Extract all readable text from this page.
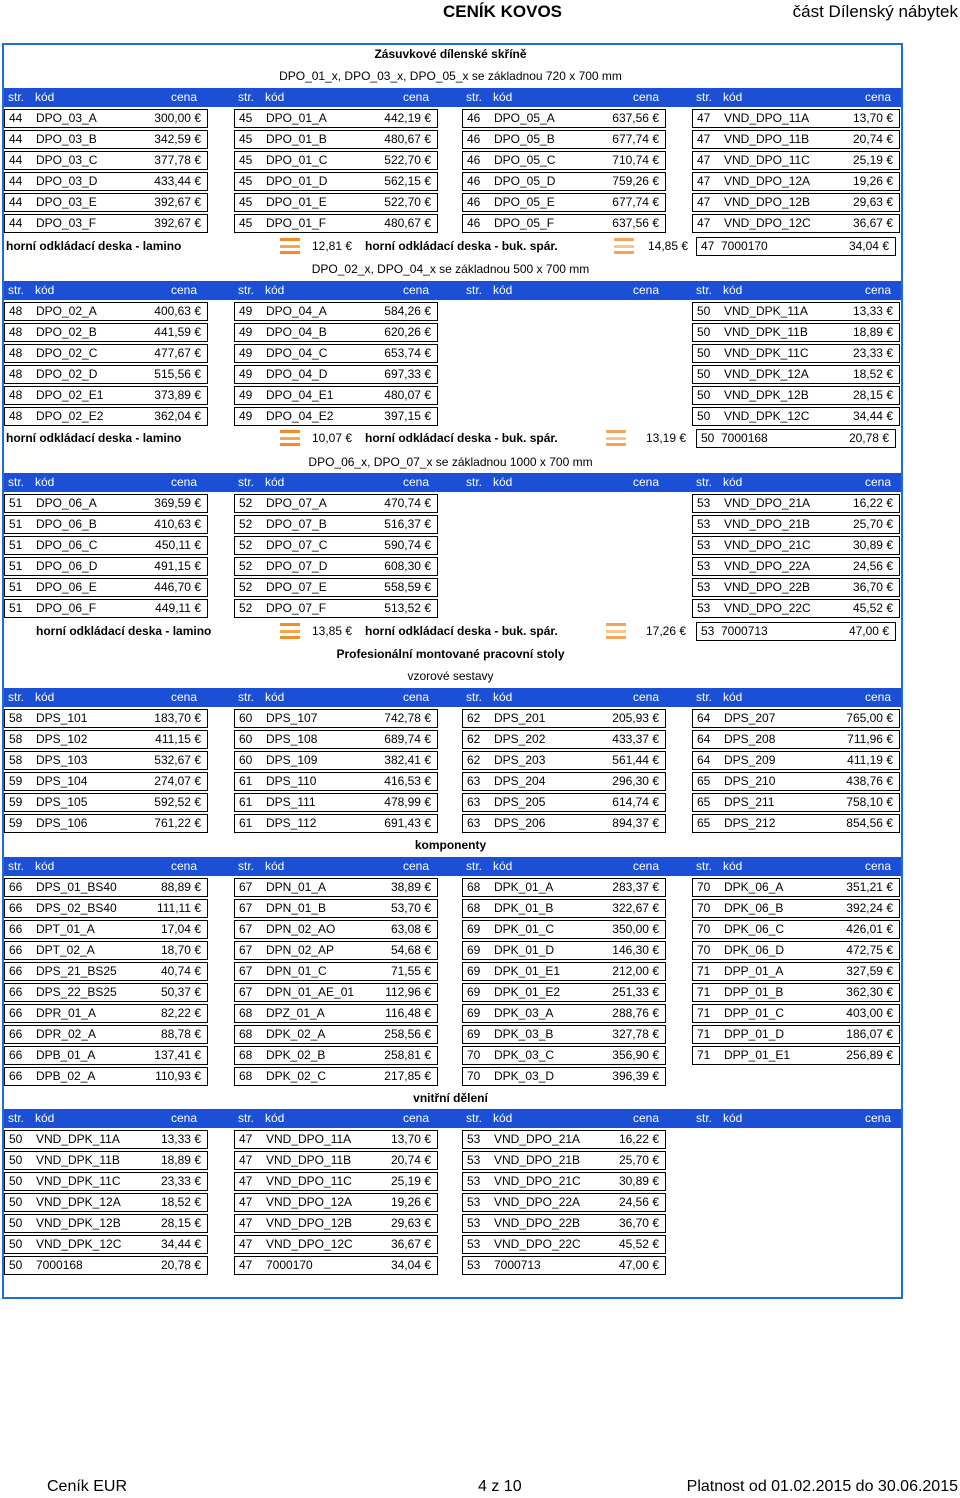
CENÍK KOVOS	část Dílenský nábytek
Zásuvkové dílenské skříně
DPO_01_x, DPO_03_x, DPO_05_x se základnou 720 x 700 mm
str. kód	cena	str. kód	cena	str. kód	cena	str. kód	cena
44 DPO_03_A	300,00 €	45 DPO_01_A	442,19 €	46 DPO_05_A	637,56 €	47 VND_DPO_11A	13,70 €
44 DPO_03_B	342,59 €	45 DPO_01_B	480,67 €	46 DPO_05_B	677,74 €	47 VND_DPO_11B	20,74 €
44 DPO_03_C	377,78 €	45 DPO_01_C	522,70 €	46 DPO_05_C	710,74 €	47 VND_DPO_11C	25,19 €
44 DPO_03_D	433,44 €	45 DPO_01_D	562,15 €	46 DPO_05_D	759,26 €	47 VND_DPO_12A	19,26 €
44 DPO_03_E	392,67 €	45 DPO_01_E	522,70 €	46 DPO_05_E	677,74 €	47 VND_DPO_12B	29,63 €
44 DPO_03_F	392,67 €	45 DPO_01_F	480,67 €	46 DPO_05_F	637,56 €	47 VND_DPO_12C	36,67 €
horní odkládací deska - lamino	12,81 € horní odkládací deska - buk. spár.	14,85 € 47 7000170	34,04 €
DPO_02_x, DPO_04_x se základnou 500 x 700 mm
str. kód	cena	str. kód	cena	str. kód	cena	str. kód	cena
48 DPO_02_A	400,63 €	49 DPO_04_A	584,26 €	50 VND_DPK_11A	13,33 €
48 DPO_02_B	441,59 €	49 DPO_04_B	620,26 €	50 VND_DPK_11B	18,89 €
48 DPO_02_C	477,67 €	49 DPO_04_C	653,74 €	50 VND_DPK_11C	23,33 €
48 DPO_02_D	515,56 €	49 DPO_04_D	697,33 €	50 VND_DPK_12A	18,52 €
48 DPO_02_E1	373,89 €	49 DPO_04_E1	480,07 €	50 VND_DPK_12B	28,15 €
48 DPO_02_E2	362,04 €	49 DPO_04_E2	397,15 €	50 VND_DPK_12C	34,44 €
horní odkládací deska - lamino	10,07 € horní odkládací deska - buk. spár.	13,19 € 50 7000168	20,78 €
DPO_06_x, DPO_07_x se základnou 1000 x 700 mm
str. kód	cena	str. kód	cena	str. kód	cena	str. kód	cena
51 DPO_06_A	369,59 €	52 DPO_07_A	470,74 €	53 VND_DPO_21A	16,22 €
51 DPO_06_B	410,63 €	52 DPO_07_B	516,37 €	53 VND_DPO_21B	25,70 €
51 DPO_06_C	450,11 €	52 DPO_07_C	590,74 €	53 VND_DPO_21C	30,89 €
51 DPO_06_D	491,15 €	52 DPO_07_D	608,30 €	53 VND_DPO_22A	24,56 €
51 DPO_06_E	446,70 €	52 DPO_07_E	558,59 €	53 VND_DPO_22B	36,70 €
51 DPO_06_F	449,11 €	52 DPO_07_F	513,52 €	53 VND_DPO_22C	45,52 €
horní odkládací deska - lamino	13,85 € horní odkládací deska - buk. spár.	17,26 € 53 7000713	47,00 €
Profesionální montované pracovní stoly
vzorové sestavy
str. kód	cena	str. kód	cena	str. kód	cena	str. kód	cena
58 DPS_101	183,70 €	60 DPS_107	742,78 €	62 DPS_201	205,93 €	64 DPS_207	765,00 €
58 DPS_102	411,15 €	60 DPS_108	689,74 €	62 DPS_202	433,37 €	64 DPS_208	711,96 €
58 DPS_103	532,67 €	60 DPS_109	382,41 €	62 DPS_203	561,44 €	64 DPS_209	411,19 €
59 DPS_104	274,07 €	61 DPS_110	416,53 €	63 DPS_204	296,30 €	65 DPS_210	438,76 €
59 DPS_105	592,52 €	61 DPS_111	478,99 €	63 DPS_205	614,74 €	65 DPS_211	758,10 €
59 DPS_106	761,22 €	61 DPS_112	691,43 €	63 DPS_206	894,37 €	65 DPS_212	854,56 €
komponenty
str. kód	cena	str. kód	cena	str. kód	cena	str. kód	cena
66 DPS_01_BS40	88,89 €	67 DPN_01_A	38,89 €	68 DPK_01_A	283,37 €	70 DPK_06_A	351,21 €
66 DPS_02_BS40	111,11 €	67 DPN_01_B	53,70 €	68 DPK_01_B	322,67 €	70 DPK_06_B	392,24 €
66 DPT_01_A	17,04 €	67 DPN_02_AO	63,08 €	69 DPK_01_C	350,00 €	70 DPK_06_C	426,01 €
66 DPT_02_A	18,70 €	67 DPN_02_AP	54,68 €	69 DPK_01_D	146,30 €	70 DPK_06_D	472,75 €
66 DPS_21_BS25	40,74 €	67 DPN_01_C	71,55 €	69 DPK_01_E1	212,00 €	71 DPP_01_A	327,59 €
66 DPS_22_BS25	50,37 €	67 DPN_01_AE_01	112,96 €	69 DPK_01_E2	251,33 €	71 DPP_01_B	362,30 €
66 DPR_01_A	82,22 €	68 DPZ_01_A	116,48 €	69 DPK_03_A	288,76 €	71 DPP_01_C	403,00 €
66 DPR_02_A	88,78 €	68 DPK_02_A	258,56 €	69 DPK_03_B	327,78 €	71 DPP_01_D	186,07 €
66 DPB_01_A	137,41 €	68 DPK_02_B	258,81 €	70 DPK_03_C	356,90 €	71 DPP_01_E1	256,89 €
66 DPB_02_A	110,93 €	68 DPK_02_C	217,85 €	70 DPK_03_D	396,39 €
vnitřní dělení
str. kód	cena	str. kód	cena	str. kód	cena	str. kód	cena
50 VND_DPK_11A	13,33 €	47 VND_DPO_11A	13,70 €	53 VND_DPO_21A	16,22 €
50 VND_DPK_11B	18,89 €	47 VND_DPO_11B	20,74 €	53 VND_DPO_21B	25,70 €
50 VND_DPK_11C	23,33 €	47 VND_DPO_11C	25,19 €	53 VND_DPO_21C	30,89 €
50 VND_DPK_12A	18,52 €	47 VND_DPO_12A	19,26 €	53 VND_DPO_22A	24,56 €
50 VND_DPK_12B	28,15 €	47 VND_DPO_12B	29,63 €	53 VND_DPO_22B	36,70 €
50 VND_DPK_12C	34,44 €	47 VND_DPO_12C	36,67 €	53 VND_DPO_22C	45,52 €
50 7000168	20,78 €	47 7000170	34,04 €	53 7000713	47,00 €
Ceník EUR	4 z 10	Platnost od 01.02.2015 do 30.06.2015
